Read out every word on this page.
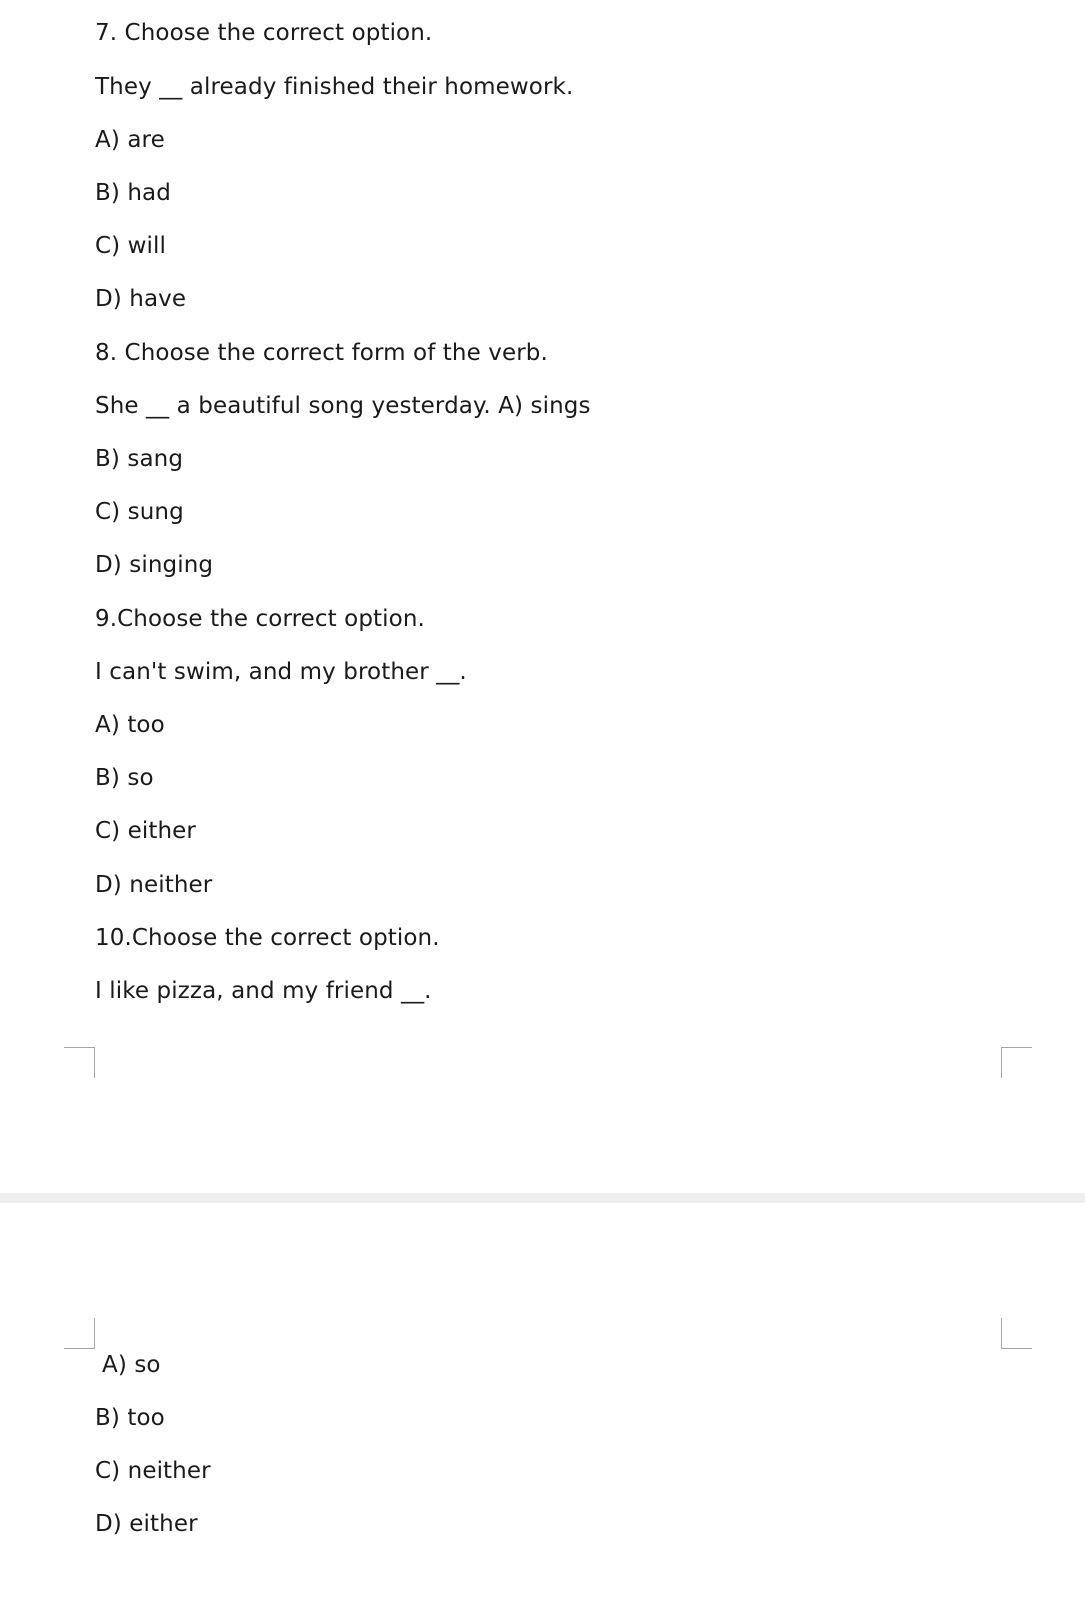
7. Choose the correct option.
They __ already finished their homework.
A) are
B) had
C) will
D) have
8. Choose the correct form of the verb.
She __ a beautiful song yesterday. A) sings
B) sang
C) sung
D) singing
9.Choose the correct option.
I can't swim, and my brother __.
A) too
B) so
C) either
D) neither
10.Choose the correct option.
I like pizza, and my friend __.
A) so
B) too
C) neither
D) either
